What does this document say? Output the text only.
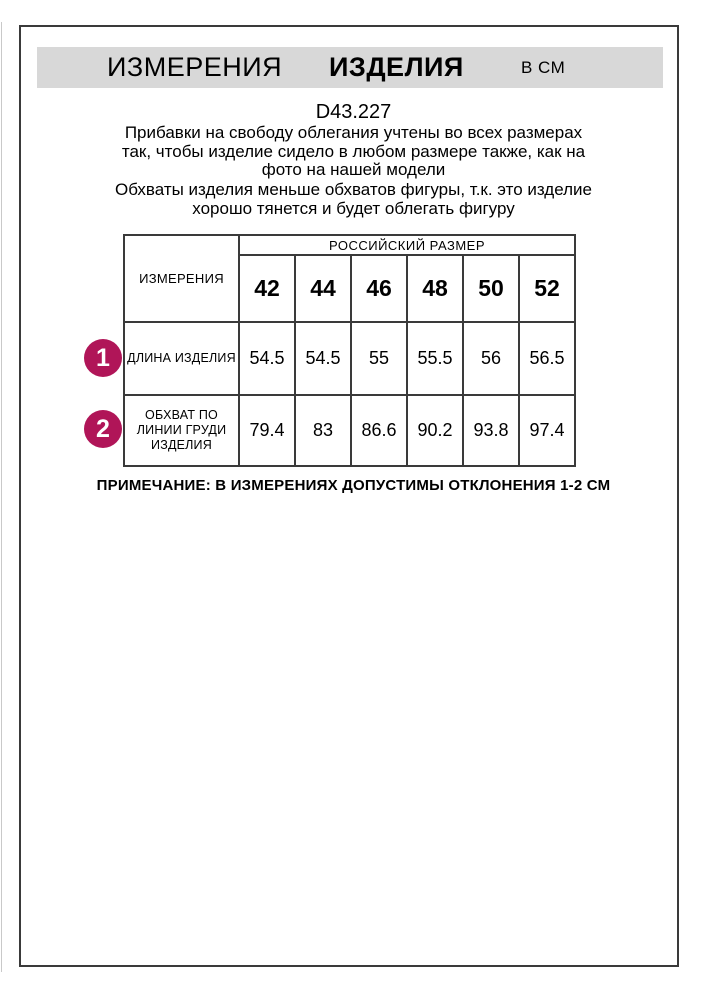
ИЗМЕРЕНИЯ ИЗДЕЛИЯ	В СМ
D43.227
Прибавки на свободу облегания учтены во всех размерах
так, чтобы изделие сидело в любом размере также, как на
фото на нашей модели
Обхваты изделия меньше обхватов фигуры, т.к. это изделие
хорошо тянется и будет облегать фигуру
ИЗМЕРЕНИЯ	РОССИЙСКИЙ РАЗМЕР					
	42	44	46	48	50	52
ДЛИНА ИЗДЕЛИЯ	54.5	54.5	55	55.5	56	56.5
ОБХВАТ ПО ЛИНИИ ГРУДИ ИЗДЕЛИЯ	79.4	83	86.6	90.2	93.8	97.4
1
2
ПРИМЕЧАНИЕ: В ИЗМЕРЕНИЯХ ДОПУСТИМЫ ОТКЛОНЕНИЯ 1-2 СМ
